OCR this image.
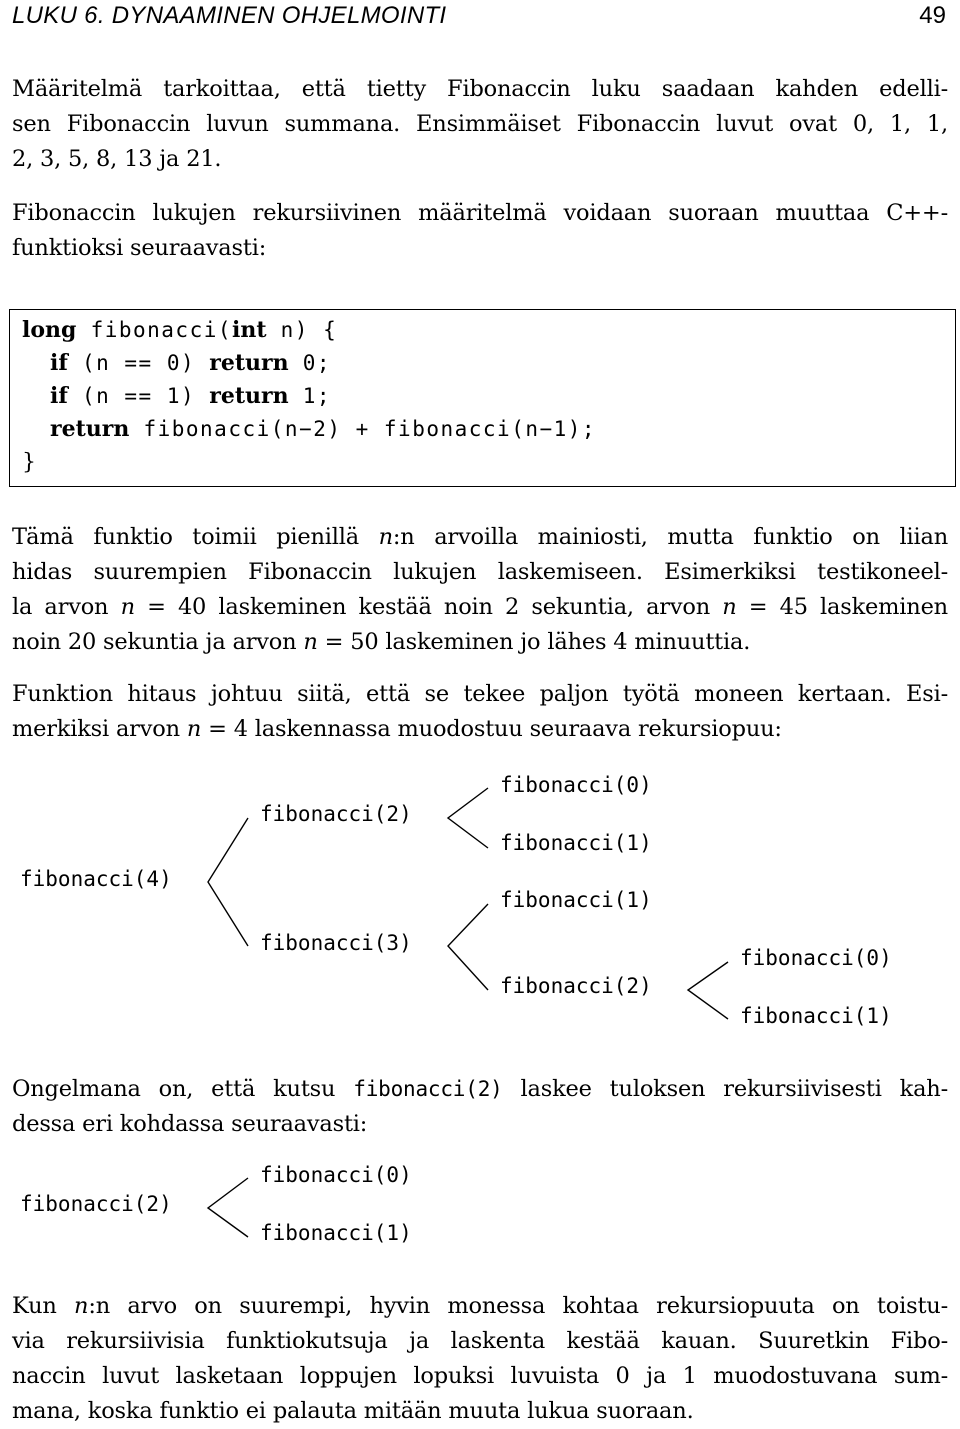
LUKU 6. DYNAAMINEN OHJELMOINTI	49
Määritelmä tarkoittaa, että tietty Fibonaccin luku saadaan kahden edelli-
sen Fibonaccin luvun summana. Ensimmäiset Fibonaccin luvut ovat 0, 1, 1,
2, 3, 5, 8, 13 ja 21.
Fibonaccin lukujen rekursiivinen määritelmä voidaan suoraan muuttaa C++-
funktioksi seuraavasti:
long fibonacci(int n) {
if (n == 0) return 0;
if (n == 1) return 1;
return fibonacci(n−2) + fibonacci(n−1);
}
Tämä funktio toimii pienillä n:n arvoilla mainiosti, mutta funktio on liian
hidas suurempien Fibonaccin lukujen laskemiseen. Esimerkiksi testikoneel-
la arvon n = 40 laskeminen kestää noin 2 sekuntia, arvon n = 45 laskeminen
noin 20 sekuntia ja arvon n = 50 laskeminen jo lähes 4 minuuttia.
Funktion hitaus johtuu siitä, että se tekee paljon työtä moneen kertaan. Esi-
merkiksi arvon n = 4 laskennassa muodostuu seuraava rekursiopuu:
fibonacci(4)
fibonacci(2)
fibonacci(0)
fibonacci(1)
fibonacci(3)
fibonacci(1)
fibonacci(2)
fibonacci(0)
fibonacci(1)
Ongelmana on, että kutsu fibonacci(2) laskee tuloksen rekursiivisesti kah-
dessa eri kohdassa seuraavasti:
fibonacci(2)
fibonacci(0)
fibonacci(1)
Kun n:n arvo on suurempi, hyvin monessa kohtaa rekursiopuuta on toistu-
via rekursiivisia funktiokutsuja ja laskenta kestää kauan. Suuretkin Fibo-
naccin luvut lasketaan loppujen lopuksi luvuista 0 ja 1 muodostuvana sum-
mana, koska funktio ei palauta mitään muuta lukua suoraan.
